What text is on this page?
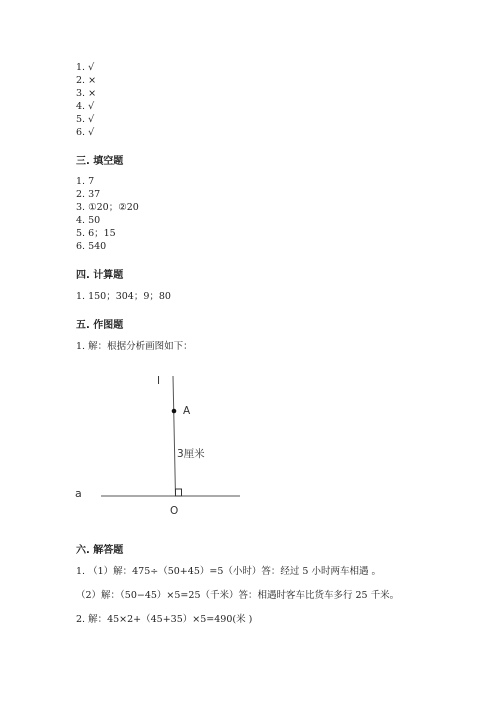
1. √
2. ×
3. ×
4. √
5. √
6. √
三. 填空题
1. 7
2. 37
3. ①20；②20
4. 50
5. 6；15
6. 540
四. 计算题
1. 150；304；9；80
五. 作图题
1. 解：根据分析画图如下：
l
A
3厘米
a
O
六. 解答题
1. （1）解：475÷（50+45）=5（小时）答：经过 5 小时两车相遇 。
（2）解：（50−45）×5=25（千米）答：相遇时客车比货车多行 25 千米。
2. 解：45×2+（45+35）×5=490(米 )
